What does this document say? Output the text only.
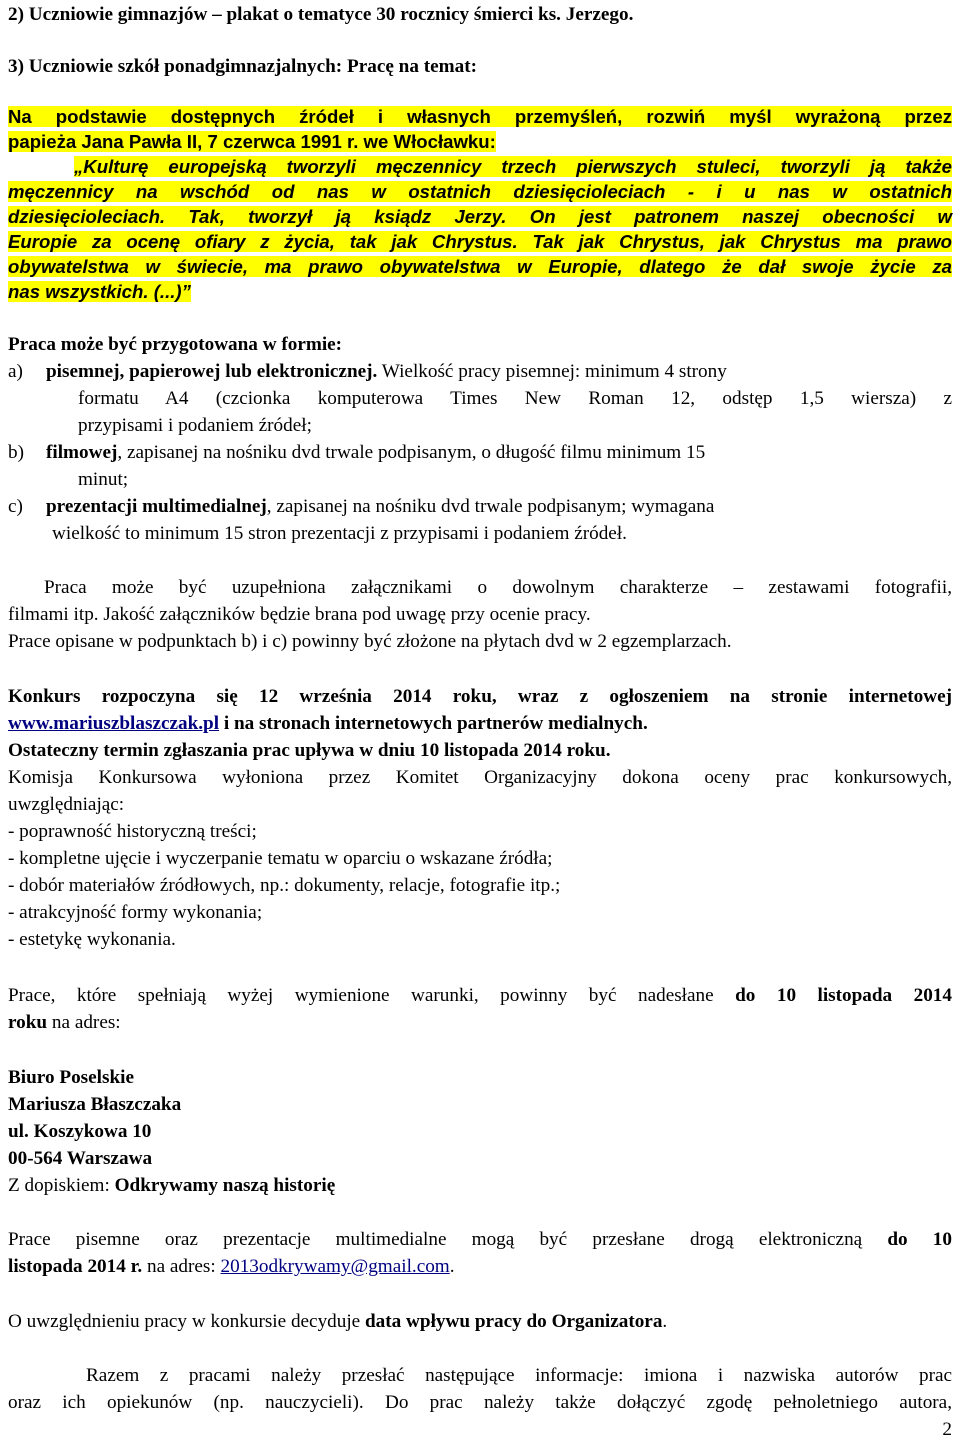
2) Uczniowie gimnazjów – plakat o tematyce 30 rocznicy śmierci ks. Jerzego.
3) Uczniowie szkół ponadgimnazjalnych: Pracę na temat:
Na podstawie dostępnych źródeł i własnych przemyśleń, rozwiń myśl wyrażoną przez
papieża Jana Pawła II, 7 czerwca 1991 r. we Włocławku:
„Kulturę europejską tworzyli męczennicy trzech pierwszych stuleci, tworzyli ją także
męczennicy na wschód od nas w ostatnich dziesięcioleciach - i u nas w ostatnich
dziesięcioleciach. Tak, tworzył ją ksiądz Jerzy. On jest patronem naszej obecności w
Europie za ocenę ofiary z życia, tak jak Chrystus. Tak jak Chrystus, jak Chrystus ma prawo
obywatelstwa w świecie, ma prawo obywatelstwa w Europie, dlatego że dał swoje życie za
nas wszystkich. (...)”
Praca może być przygotowana w formie:
a) pisemnej, papierowej lub elektronicznej. Wielkość pracy pisemnej: minimum 4 strony
formatu A4 (czcionka komputerowa Times New Roman 12, odstęp 1,5 wiersza) z
przypisami i podaniem źródeł;
b) filmowej, zapisanej na nośniku dvd trwale podpisanym, o długość filmu minimum 15
minut;
c) prezentacji multimedialnej, zapisanej na nośniku dvd trwale podpisanym; wymagana
wielkość to minimum 15 stron prezentacji z przypisami i podaniem źródeł.
Praca może być uzupełniona załącznikami o dowolnym charakterze – zestawami fotografii,
filmami itp. Jakość załączników będzie brana pod uwagę przy ocenie pracy.
Prace opisane w podpunktach b) i c) powinny być złożone na płytach dvd w 2 egzemplarzach.
Konkurs rozpoczyna się 12 września 2014 roku, wraz z ogłoszeniem na stronie internetowej
www.mariuszblaszczak.pl i na stronach internetowych partnerów medialnych.
Ostateczny termin zgłaszania prac upływa w dniu 10 listopada 2014 roku.
Komisja Konkursowa wyłoniona przez Komitet Organizacyjny dokona oceny prac konkursowych,
uwzględniając:
- poprawność historyczną treści;
- kompletne ujęcie i wyczerpanie tematu w oparciu o wskazane źródła;
- dobór materiałów źródłowych, np.: dokumenty, relacje, fotografie itp.;
- atrakcyjność formy wykonania;
- estetykę wykonania.
Prace, które spełniają wyżej wymienione warunki, powinny być nadesłane do 10 listopada 2014
roku na adres:
Biuro Poselskie
Mariusza Błaszczaka
ul. Koszykowa 10
00-564 Warszawa
Z dopiskiem: Odkrywamy naszą historię
Prace pisemne oraz prezentacje multimedialne mogą być przesłane drogą elektroniczną do 10
listopada 2014 r. na adres: 2013odkrywamy@gmail.com.
O uwzględnieniu pracy w konkursie decyduje data wpływu pracy do Organizatora.
Razem z pracami należy przesłać następujące informacje: imiona i nazwiska autorów prac
oraz ich opiekunów (np. nauczycieli). Do prac należy także dołączyć zgodę pełnoletniego autora,
2
